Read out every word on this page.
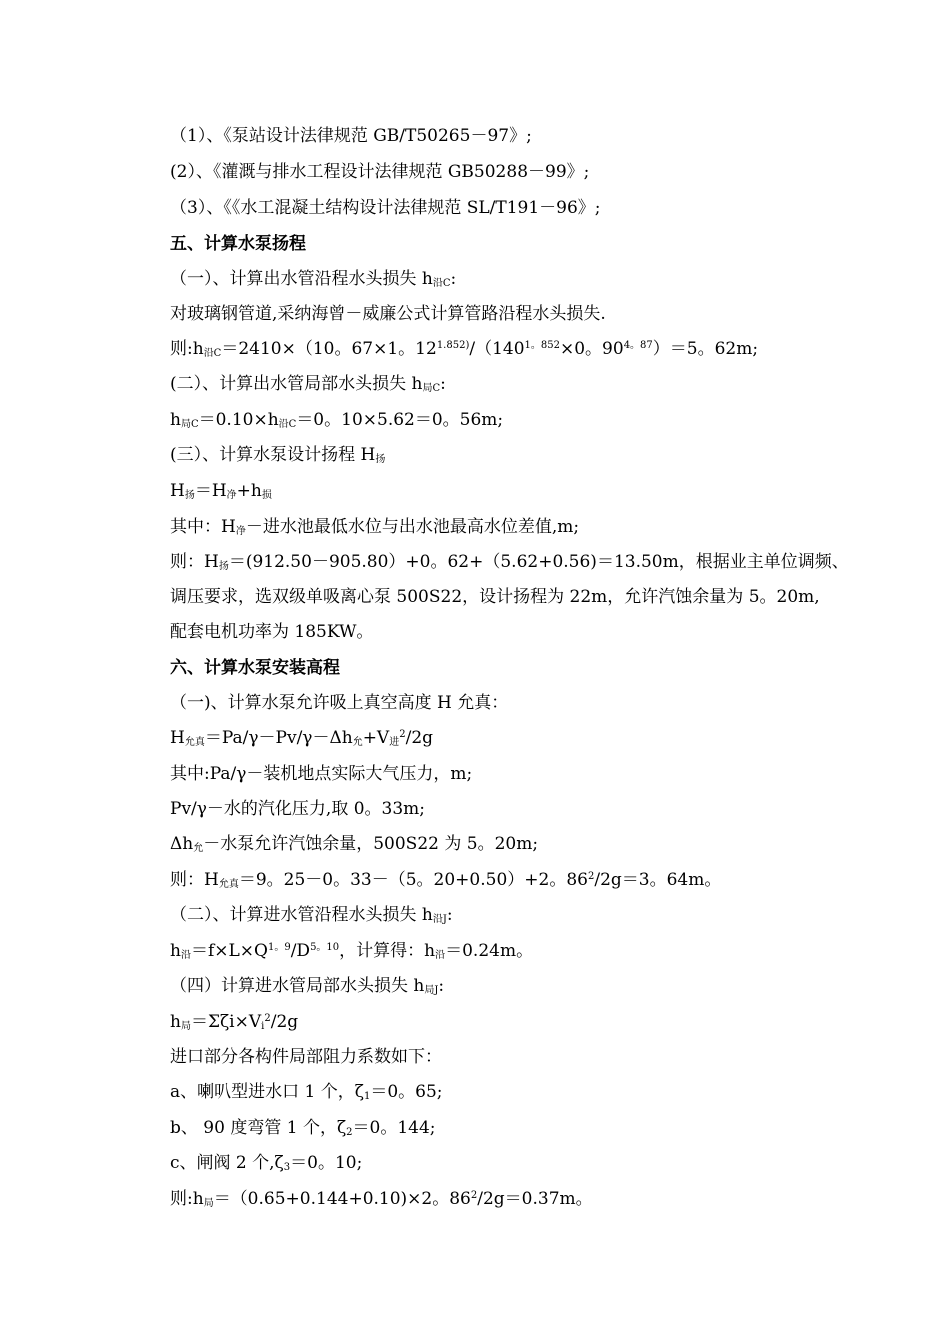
（1）、《泵站设计法律规范 GB/T50265－97》;
(2）、《灌溉与排水工程设计法律规范 GB50288－99》;
（3）、《《水工混凝土结构设计法律规范 SL/T191－96》;
五、计算水泵扬程
（一）、计算出水管沿程水头损失 $h_{沿C}$:
对玻璃钢管道,采纳海曾－威廉公式计算管路沿程水头损失.
则$:h_{沿C}=2410\times(10$。67×1。$12^{1.852)}/(140^{1。852}\times 0$。$90^{4。87})=5$。62m;
(二）、计算出水管局部水头损失 $h_{局C}$:
$h_{局C}=0.10\times h_{沿C}=0$。10×5.62＝0。56m;
(三）、计算水泵设计扬程 $H_扬$
$H_扬=H_净+h_损$
其中：$H_净-$进水池最低水位与出水池最高水位差值,m;
则：$H_扬=(912.50-905.80)+0$。62+（5.62+0.56)＝13.50m，根据业主单位调频、
调压要求，选双级单吸离心泵 500S22，设计扬程为 22m，允许汽蚀余量为 5。20m,
配套电机功率为 185KW。
六、计算水泵安装高程
（一)、计算水泵允许吸上真空高度 H 允真：
$H_{允真}=Pa/\gamma-Pv/\gamma-\Delta h_允+V_进^2/2g$
其中:Pa/γ－装机地点实际大气压力，m;
Pv/γ－水的汽化压力,取 0。33m;
$\Delta h_允-$水泵允许汽蚀余量，500S22 为 5。20m;
则：$H_{允真}=9$。25－0。33－（5。20+0.50）+2。$86^2/2g=3$。64m。
（二）、计算进水管沿程水头损失 $h_{沿J}$:
$h_沿=f\times L\times Q^{1。9}/D^{5。10}$，计算得：$h_沿=0.24m$。
（四）计算进水管局部水头损失 $h_{局J}$:
$h_局=\Sigma\zeta i\times V_i^2/2g$
进口部分各构件局部阻力系数如下：
a、喇叭型进水口 1 个，$\zeta_1=0$。65;
b、 90 度弯管 1 个，$\zeta_2=0$。144;
c、闸阀 2 个$,\zeta_3=0$。10;
则$:h_局=(0.65+0.144+0.10)\times 2$。$86^2/2g=0.37m$。
